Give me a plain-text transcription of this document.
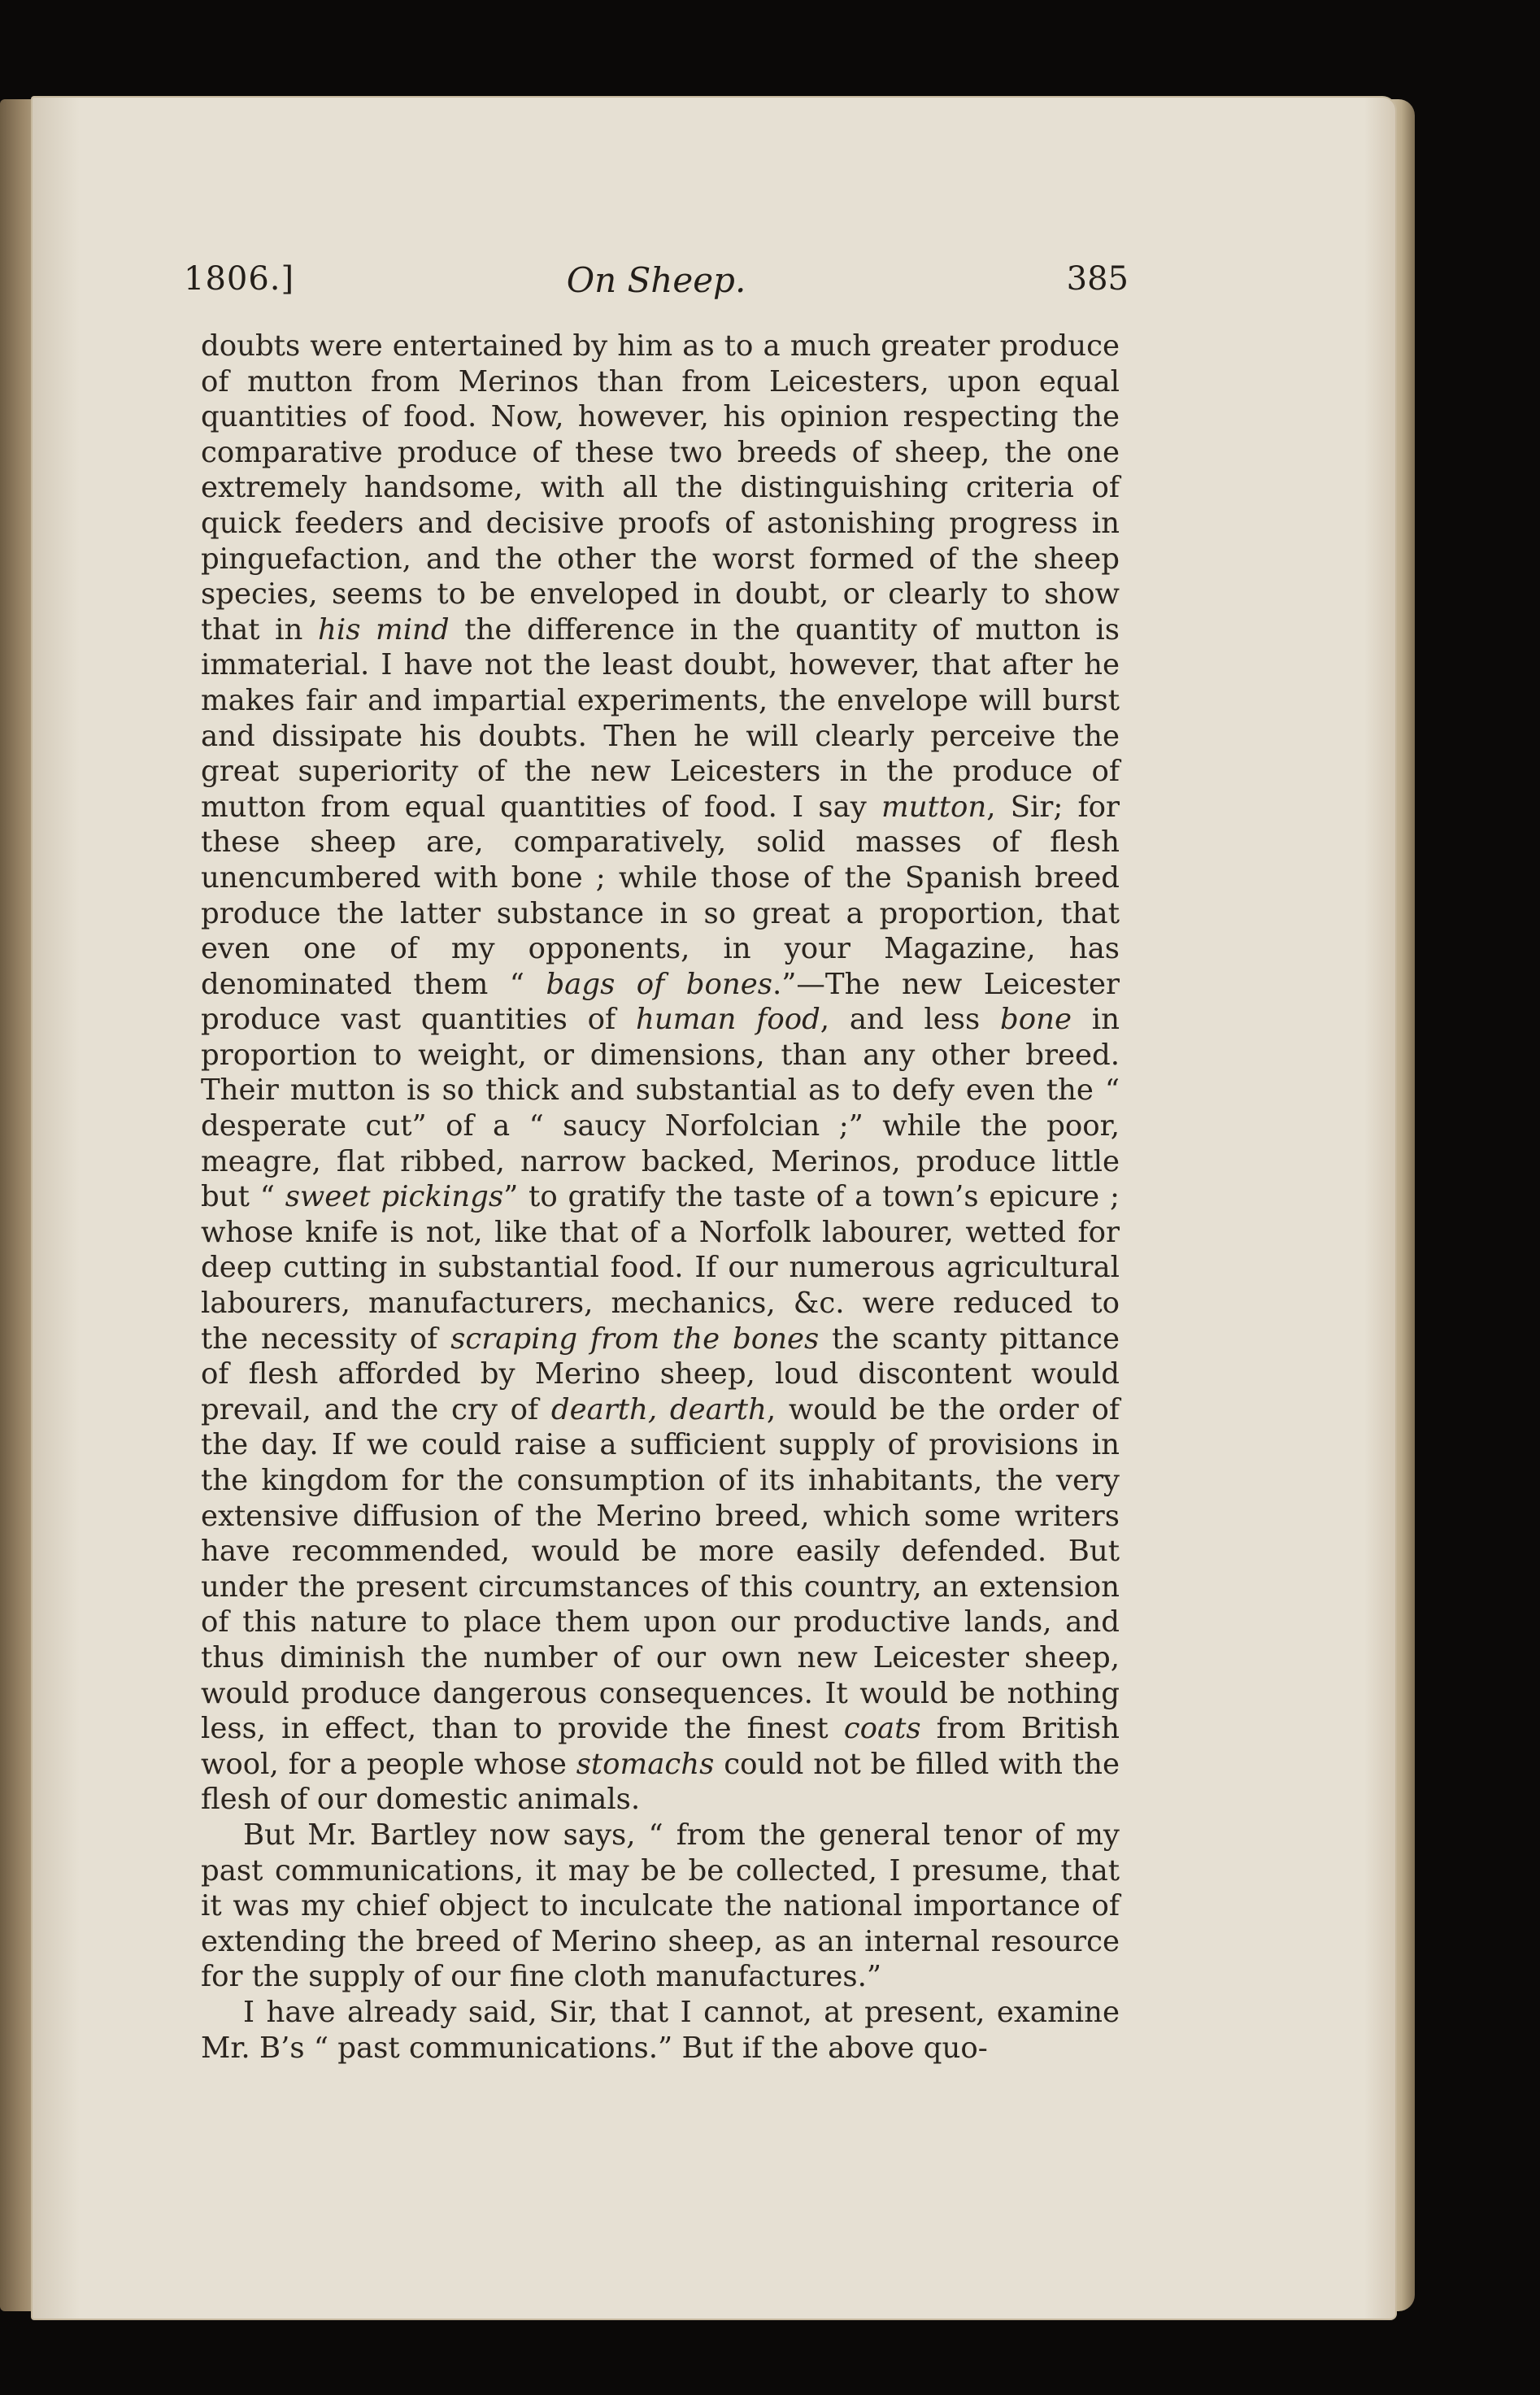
1806.]	On Sheep.	385

doubts were entertained by him as to a much greater produce of mutton from Merinos than from Leicesters, upon equal quantities of food. Now, however, his opinion respecting the comparative produce of these two breeds of sheep, the one extremely handsome, with all the distinguishing criteria of quick feeders and decisive proofs of astonishing progress in pinguefaction, and the other the worst formed of the sheep species, seems to be enveloped in doubt, or clearly to show that in his mind the difference in the quantity of mutton is immaterial. I have not the least doubt, however, that after he makes fair and impartial experiments, the envelope will burst and dissipate his doubts. Then he will clearly perceive the great superiority of the new Leicesters in the produce of mutton from equal quantities of food. I say mutton, Sir; for these sheep are, comparatively, solid masses of flesh unencumbered with bone ; while those of the Spanish breed produce the latter substance in so great a proportion, that even one of my opponents, in your Magazine, has denominated them “ bags of bones.”—The new Leicester produce vast quantities of human food, and less bone in proportion to weight, or dimensions, than any other breed. Their mutton is so thick and substantial as to defy even the “ desperate cut” of a “ saucy Norfolcian ;” while the poor, meagre, flat ribbed, narrow backed, Merinos, produce little but “ sweet pickings” to gratify the taste of a town’s epicure ; whose knife is not, like that of a Norfolk labourer, wetted for deep cutting in substantial food. If our numerous agricultural labourers, manufacturers, mechanics, &c. were reduced to the necessity of scraping from the bones the scanty pittance of flesh afforded by Merino sheep, loud discontent would prevail, and the cry of dearth, dearth, would be the order of the day. If we could raise a sufficient supply of provisions in the kingdom for the consumption of its inhabitants, the very extensive diffusion of the Merino breed, which some writers have recommended, would be more easily defended. But under the present circumstances of this country, an extension of this nature to place them upon our productive lands, and thus diminish the number of our own new Leicester sheep, would produce dangerous consequences. It would be nothing less, in effect, than to provide the finest coats from British wool, for a people whose stomachs could not be filled with the flesh of our domestic animals.

But Mr. Bartley now says, “ from the general tenor of my past communications, it may be be collected, I presume, that it was my chief object to inculcate the national importance of extending the breed of Merino sheep, as an internal resource for the supply of our fine cloth manufactures.”

I have already said, Sir, that I cannot, at present, examine Mr. B’s “ past communications.” But if the above quo-
